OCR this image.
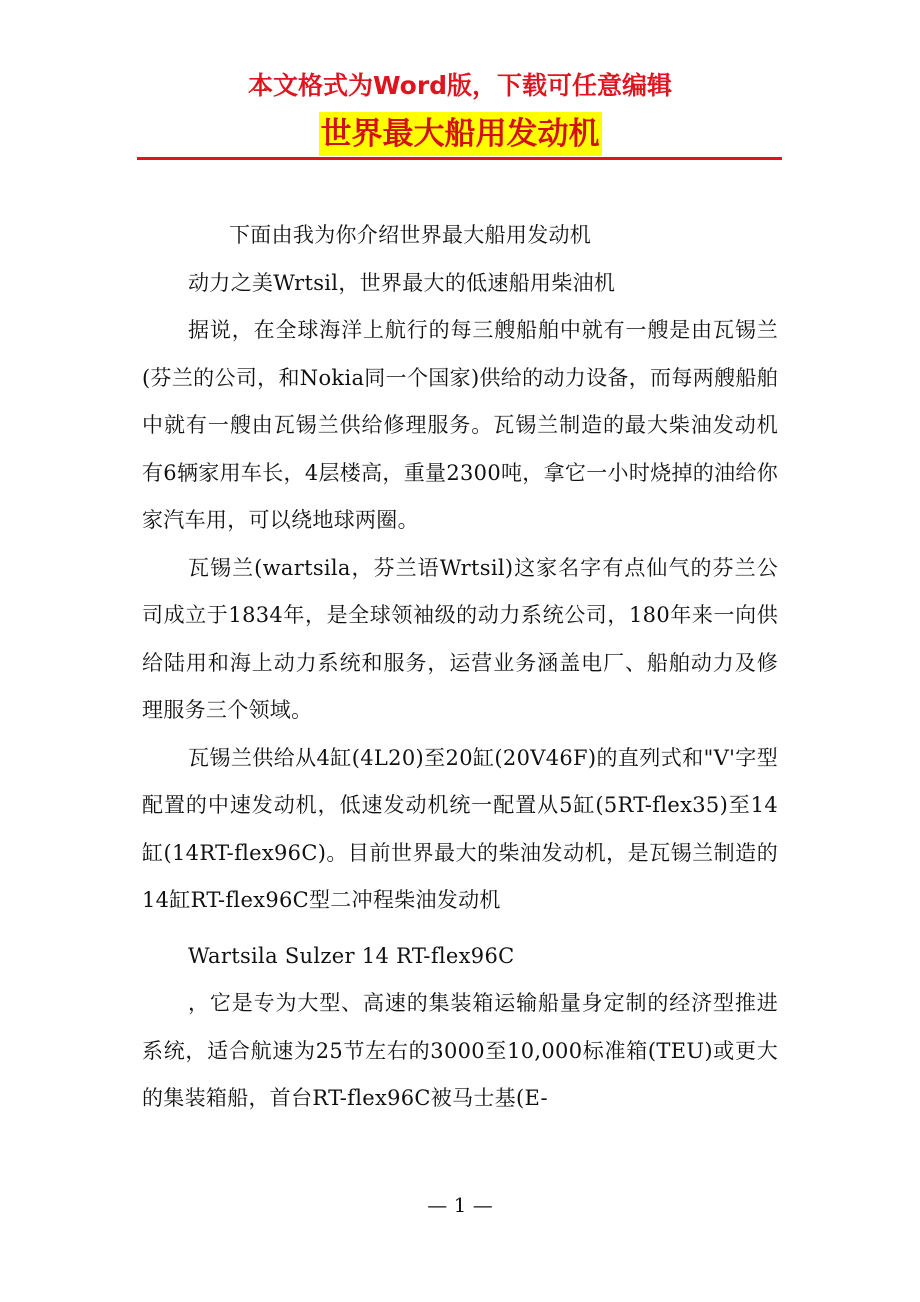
本文格式为Word版，下载可任意编辑
世界最大船用发动机

下面由我为你介绍世界最大船用发动机

动力之美Wrtsil，世界最大的低速船用柴油机

据说，在全球海洋上航行的每三艘船舶中就有一艘是由瓦锡兰(芬兰的公司，和Nokia同一个国家)供给的动力设备，而每两艘船舶中就有一艘由瓦锡兰供给修理服务。瓦锡兰制造的最大柴油发动机有6辆家用车长，4层楼高，重量2300吨，拿它一小时烧掉的油给你家汽车用，可以绕地球两圈。

瓦锡兰(wartsila，芬兰语Wrtsil)这家名字有点仙气的芬兰公司成立于1834年，是全球领袖级的动力系统公司，180年来一向供给陆用和海上动力系统和服务，运营业务涵盖电厂、船舶动力及修理服务三个领域。

瓦锡兰供给从4缸(4L20)至20缸(20V46F)的直列式和"V'字型配置的中速发动机，低速发动机统一配置从5缸(5RT-flex35)至14缸(14RT-flex96C)。目前世界最大的柴油发动机，是瓦锡兰制造的14缸RT-flex96C型二冲程柴油发动机

Wartsila Sulzer 14 RT-flex96C

，它是专为大型、高速的集装箱运输船量身定制的经济型推进系统，适合航速为25节左右的3000至10,000标准箱(TEU)或更大的集装箱船，首台RT-flex96C被马士基(E-

— 1 —
